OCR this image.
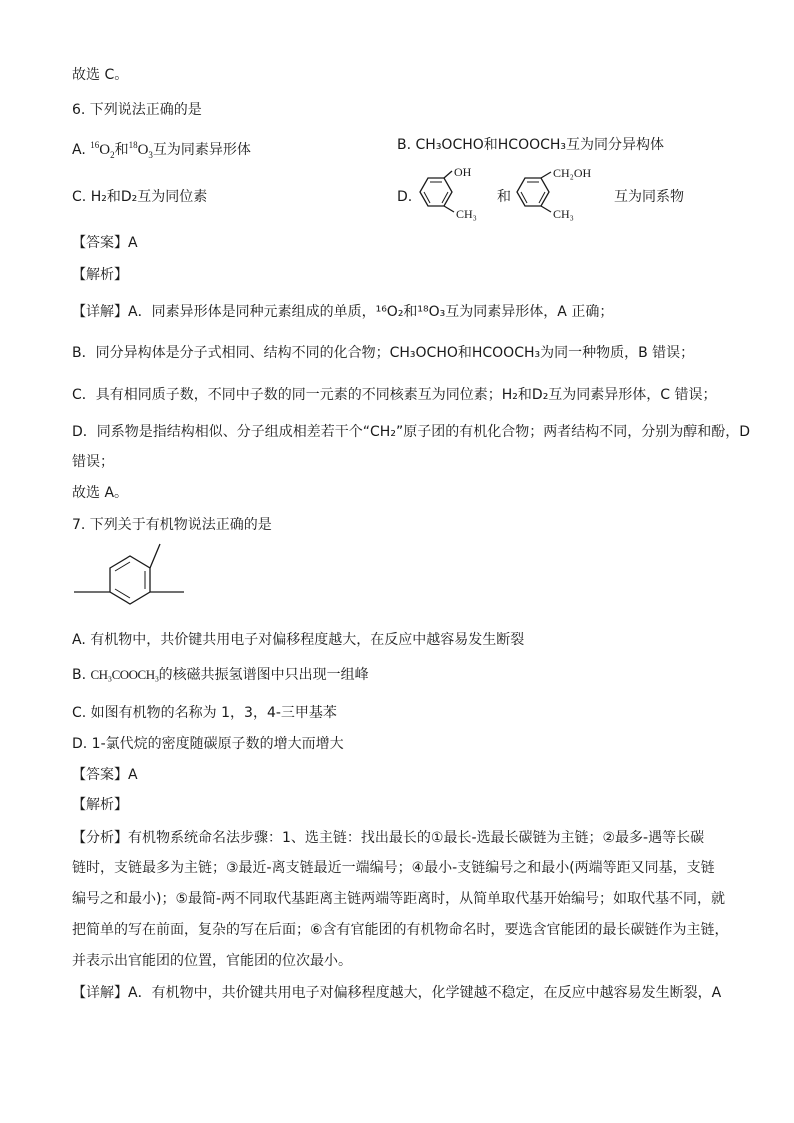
故选 C。
6. 下列说法正确的是
A. $^{16}O_2$和$^{18}O_3$互为同素异形体	B. CH₃OCHO和HCOOCH₃互为同分异构体
C. H₂和D₂互为同位素	D.
OH
CH₃
和
CH₂OH
CH₃
互为同系物
【答案】A
【解析】
【详解】A．同素异形体是同种元素组成的单质，¹⁶O₂和¹⁸O₃互为同素异形体，A 正确；
B．同分异构体是分子式相同、结构不同的化合物；CH₃OCHO和HCOOCH₃为同一种物质，B 错误；
C．具有相同质子数，不同中子数的同一元素的不同核素互为同位素；H₂和D₂互为同素异形体，C 错误；
D．同系物是指结构相似、分子组成相差若干个“CH₂”原子团的有机化合物；两者结构不同，分别为醇和酚，D
错误；
故选 A。
7. 下列关于有机物说法正确的是
A. 有机物中，共价键共用电子对偏移程度越大，在反应中越容易发生断裂
B. CH₃COOCH₃的核磁共振氢谱图中只出现一组峰
C. 如图有机物的名称为 1，3，4-三甲基苯
D. 1-氯代烷的密度随碳原子数的增大而增大
【答案】A
【解析】
【分析】有机物系统命名法步骤：1、选主链：找出最长的①最长-选最长碳链为主链；②最多-遇等长碳
链时，支链最多为主链；③最近-离支链最近一端编号；④最小-支链编号之和最小(两端等距又同基，支链
编号之和最小)；⑤最简-两不同取代基距离主链两端等距离时，从简单取代基开始编号；如取代基不同，就
把简单的写在前面，复杂的写在后面；⑥含有官能团的有机物命名时，要选含官能团的最长碳链作为主链，
并表示出官能团的位置，官能团的位次最小。
【详解】A．有机物中，共价键共用电子对偏移程度越大，化学键越不稳定，在反应中越容易发生断裂，A
